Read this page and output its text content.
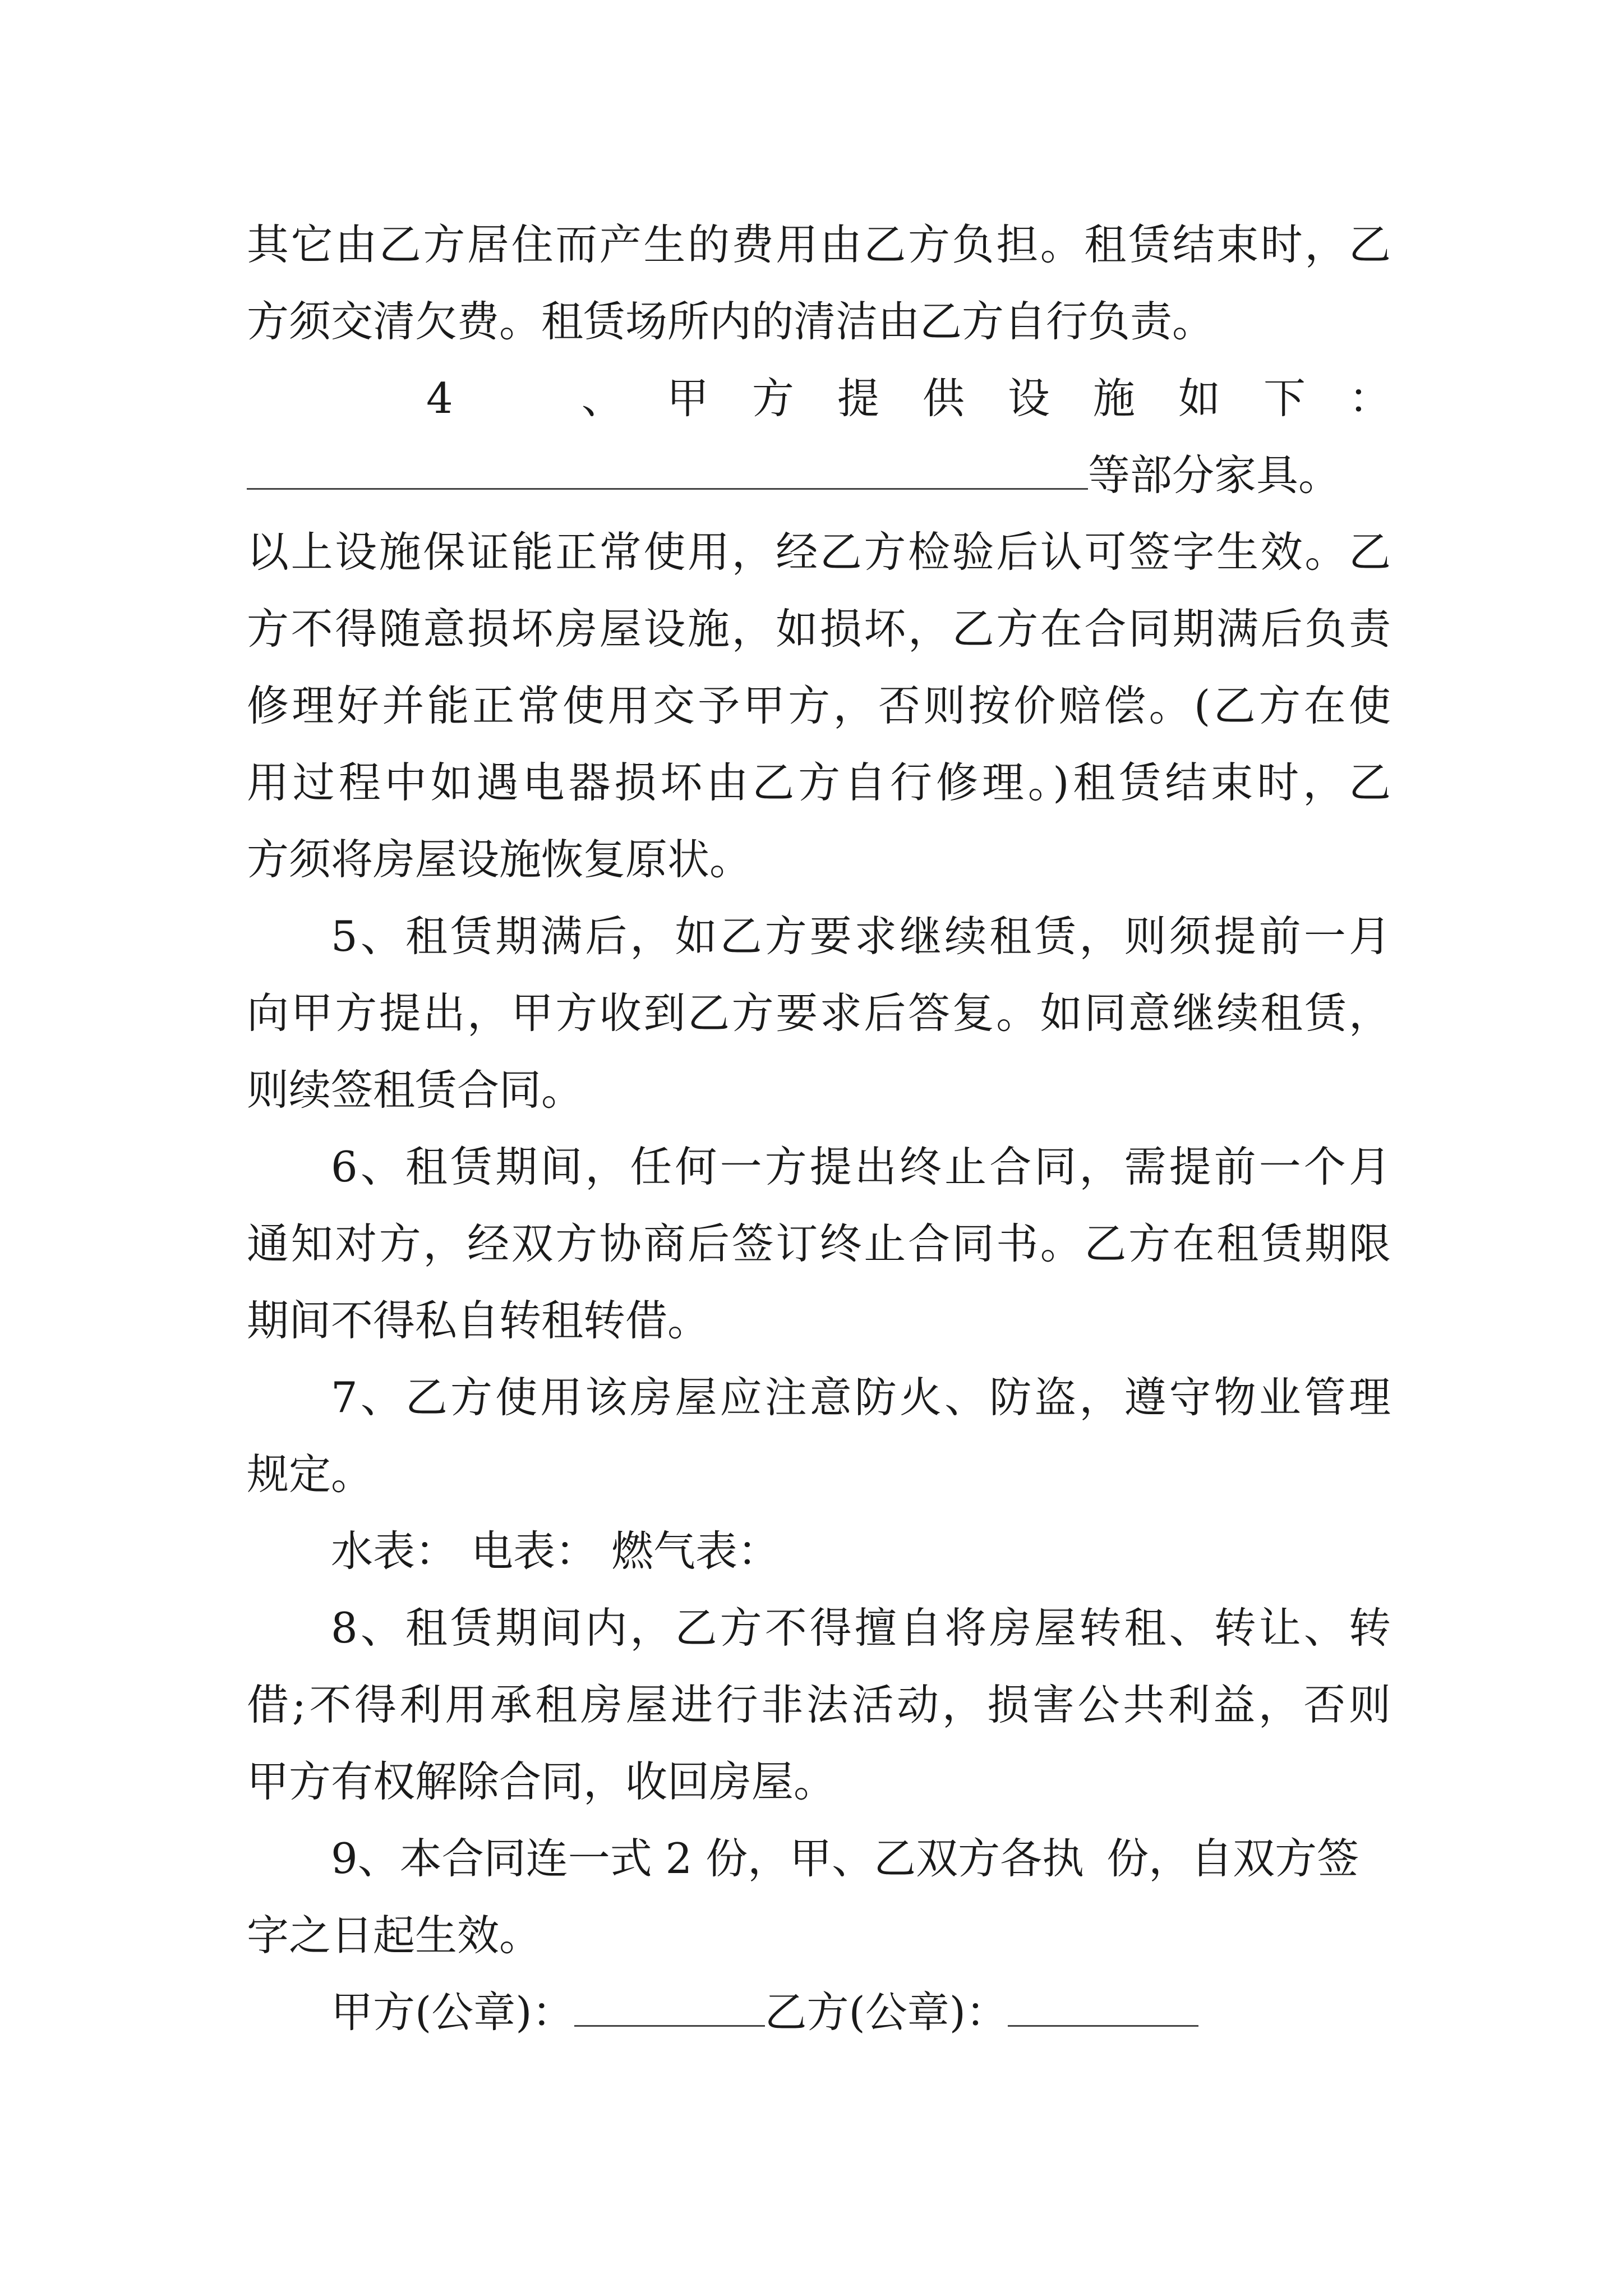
其它由乙方居住而产生的费用由乙方负担。租赁结束时，乙
方须交清欠费。租赁场所内的清洁由乙方自行负责。
4　、甲方提供设施如下：
等部分家具。
以上设施保证能正常使用，经乙方检验后认可签字生效。乙
方不得随意损坏房屋设施，如损坏，乙方在合同期满后负责
修理好并能正常使用交予甲方，否则按价赔偿。(乙方在使
用过程中如遇电器损坏由乙方自行修理。)租赁结束时，乙
方须将房屋设施恢复原状。
5、租赁期满后，如乙方要求继续租赁，则须提前一月
向甲方提出，甲方收到乙方要求后答复。如同意继续租赁，
则续签租赁合同。
6、租赁期间，任何一方提出终止合同，需提前一个月
通知对方，经双方协商后签订终止合同书。乙方在租赁期限
期间不得私自转租转借。
7、乙方使用该房屋应注意防火、防盗，遵守物业管理
规定。
水表： 电表： 燃气表：
8、租赁期间内，乙方不得擅自将房屋转租、转让、转
借;不得利用承租房屋进行非法活动，损害公共利益，否则
甲方有权解除合同，收回房屋。
9、本合同连一式 2 份，甲、乙双方各执 份，自双方签
字之日起生效。
甲方(公章)：	乙方(公章)：
